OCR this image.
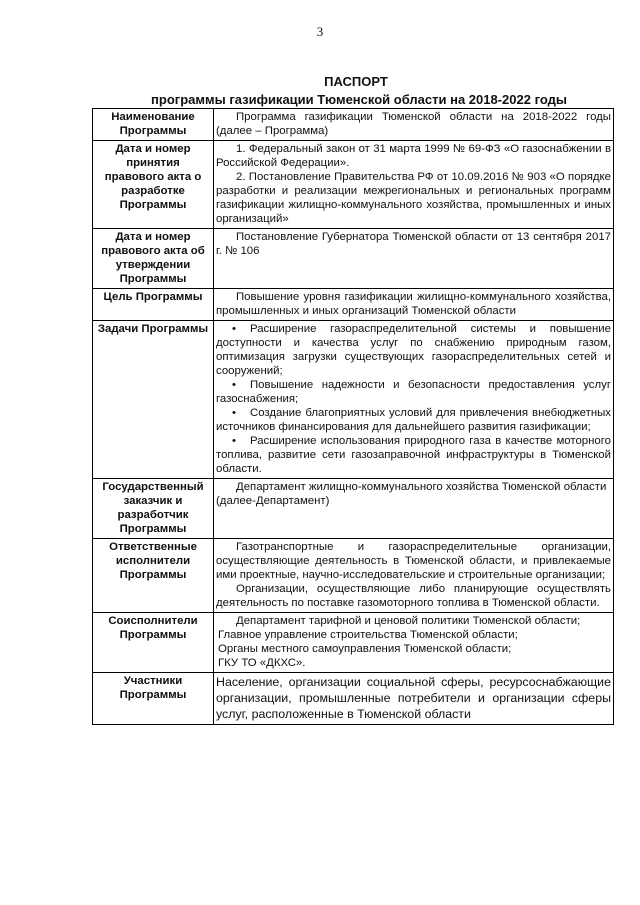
3
ПАСПОРТ
программы газификации Тюменской области на 2018-2022 годы
Наименование Программы	Программа газификации Тюменской области на 2018-2022 годы (далее – Программа)

Дата и номер принятия правового акта о разработке Программы	1. Федеральный закон от 31 марта 1999 № 69-ФЗ «О газоснабжении в Российской Федерации».

2. Постановление Правительства РФ от 10.09.2016 № 903 «О порядке разработки и реализации межрегиональных и региональных программ газификации жилищно-коммунального хозяйства, промышленных и иных организаций»

Дата и номер правового акта об утверждении Программы	Постановление Губернатора Тюменской области от 13 сентября 2017 г. № 106

Цель Программы	Повышение уровня газификации жилищно-коммунального хозяйства, промышленных и иных организаций Тюменской области

Задачи Программы	• Расширение газораспределительной системы и повышение доступности и качества услуг по снабжению природным газом, оптимизация загрузки существующих газораспределительных сетей и сооружений;

• Повышение надежности и безопасности предоставления услуг газоснабжения;

• Создание благоприятных условий для привлечения внебюджетных источников финансирования для дальнейшего развития газификации;

• Расширение использования природного газа в качестве моторного топлива, развитие сети газозаправочной инфраструктуры в Тюменской области.

Государственный заказчик и разработчик Программы	Департамент жилищно-коммунального хозяйства Тюменской области (далее-Департамент)

Ответственные исполнители Программы	Газотранспортные и газораспределительные организации, осуществляющие деятельность в Тюменской области, и привлекаемые ими проектные, научно-исследовательские и строительные организации;

Организации, осуществляющие либо планирующие осуществлять деятельность по поставке газомоторного топлива в Тюменской области.

Соисполнители Программы	Департамент тарифной и ценовой политики Тюменской области;

Главное управление строительства Тюменской области;

Органы местного самоуправления Тюменской области;

ГКУ ТО «ДКХС».

Участники Программы	Население, организации социальной сферы, ресурсоснабжающие организации, промышленные потребители и организации сферы услуг, расположенные в Тюменской области
